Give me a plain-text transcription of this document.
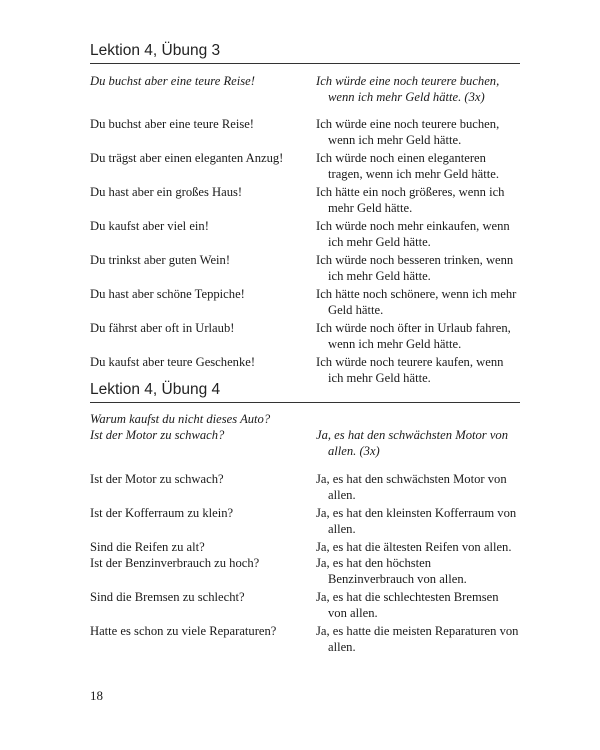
Lektion 4, Übung 3
Du buchst aber eine teure Reise!	Ich würde eine noch teurere buchen, wenn ich mehr Geld hätte. (3x)
Du buchst aber eine teure Reise!	Ich würde eine noch teurere buchen, wenn ich mehr Geld hätte.
Du trägst aber einen eleganten Anzug!	Ich würde noch einen eleganteren tragen, wenn ich mehr Geld hätte.
Du hast aber ein großes Haus!	Ich hätte ein noch größeres, wenn ich mehr Geld hätte.
Du kaufst aber viel ein!	Ich würde noch mehr einkaufen, wenn ich mehr Geld hätte.
Du trinkst aber guten Wein!	Ich würde noch besseren trinken, wenn ich mehr Geld hätte.
Du hast aber schöne Teppiche!	Ich hätte noch schönere, wenn ich mehr Geld hätte.
Du fährst aber oft in Urlaub!	Ich würde noch öfter in Urlaub fahren, wenn ich mehr Geld hätte.
Du kaufst aber teure Geschenke!	Ich würde noch teurere kaufen, wenn ich mehr Geld hätte.
Lektion 4, Übung 4
Warum kaufst du nicht dieses Auto?
Ist der Motor zu schwach?	Ja, es hat den schwächsten Motor von allen. (3x)
Ist der Motor zu schwach?	Ja, es hat den schwächsten Motor von allen.
Ist der Kofferraum zu klein?	Ja, es hat den kleinsten Kofferraum von allen.
Sind die Reifen zu alt?	Ja, es hat die ältesten Reifen von allen.
Ist der Benzinverbrauch zu hoch?	Ja, es hat den höchsten Benzinverbrauch von allen.
Sind die Bremsen zu schlecht?	Ja, es hat die schlechtesten Bremsen von allen.
Hatte es schon zu viele Reparaturen?	Ja, es hatte die meisten Reparaturen von allen.
18
